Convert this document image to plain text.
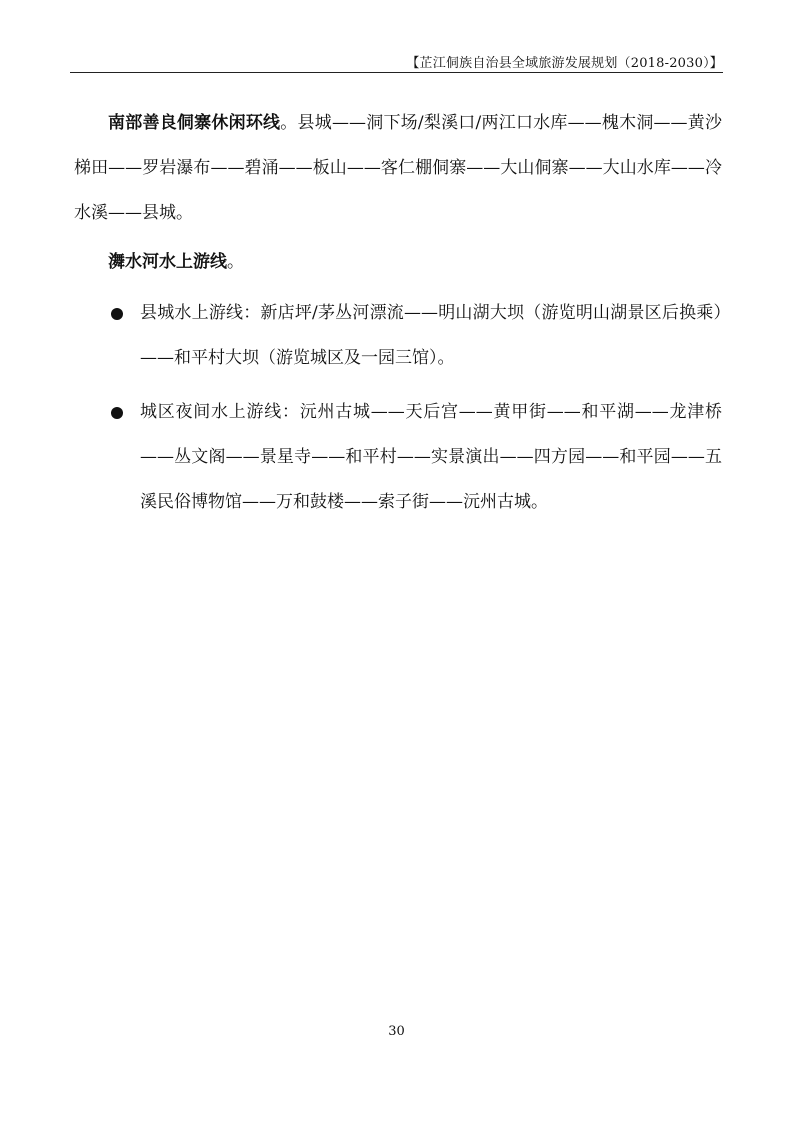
【芷江侗族自治县全域旅游发展规划（2018-2030）】

南部善良侗寨休闲环线。县城——洞下场/梨溪口/两江口水库——槐木洞——黄沙梯田——罗岩瀑布——碧涌——板山——客仁棚侗寨——大山侗寨——大山水库——冷水溪——县城。

㵲水河水上游线。

县城水上游线：新店坪/茅丛河漂流——明山湖大坝（游览明山湖景区后换乘）——和平村大坝（游览城区及一园三馆）。
城区夜间水上游线：沅州古城——天后宫——黄甲街——和平湖——龙津桥——丛文阁——景星寺——和平村——实景演出——四方园——和平园——五溪民俗博物馆——万和鼓楼——索子街——沅州古城。
30
